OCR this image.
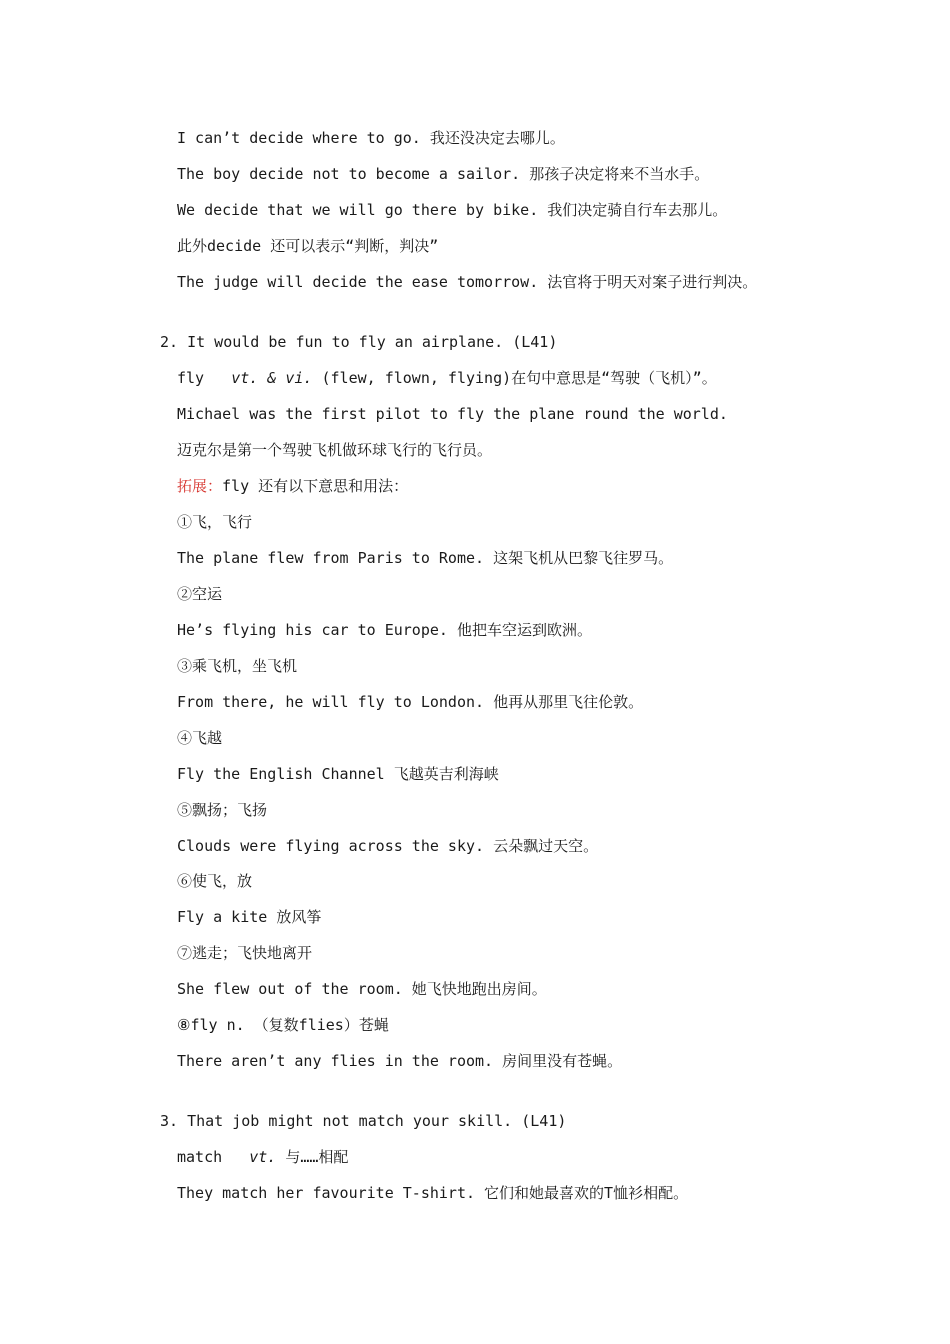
I can’t decide where to go. 我还没决定去哪儿。
The boy decide not to become a sailor. 那孩子决定将来不当水手。
We decide that we will go there by bike. 我们决定骑自行车去那儿。
此外decide 还可以表示“判断，判决”
The judge will decide the ease tomorrow. 法官将于明天对案子进行判决。
2. It would be fun to fly an airplane. (L41)
fly vt. & vi. (flew, flown, flying)在句中意思是“驾驶（飞机）”。
Michael was the first pilot to fly the plane round the world.
迈克尔是第一个驾驶飞机做环球飞行的飞行员。
拓展：fly 还有以下意思和用法：
①飞，飞行
The plane flew from Paris to Rome. 这架飞机从巴黎飞往罗马。
②空运
He’s flying his car to Europe. 他把车空运到欧洲。
③乘飞机，坐飞机
From there, he will fly to London. 他再从那里飞往伦敦。
④飞越
Fly the English Channel 飞越英吉利海峡
⑤飘扬；飞扬
Clouds were flying across the sky. 云朵飘过天空。
⑥使飞，放
Fly a kite 放风筝
⑦逃走；飞快地离开
She flew out of the room. 她飞快地跑出房间。
⑧fly n. （复数flies）苍蝇
There aren’t any flies in the room. 房间里没有苍蝇。
3. That job might not match your skill. (L41)
match vt. 与……相配
They match her favourite T-shirt. 它们和她最喜欢的T恤衫相配。
